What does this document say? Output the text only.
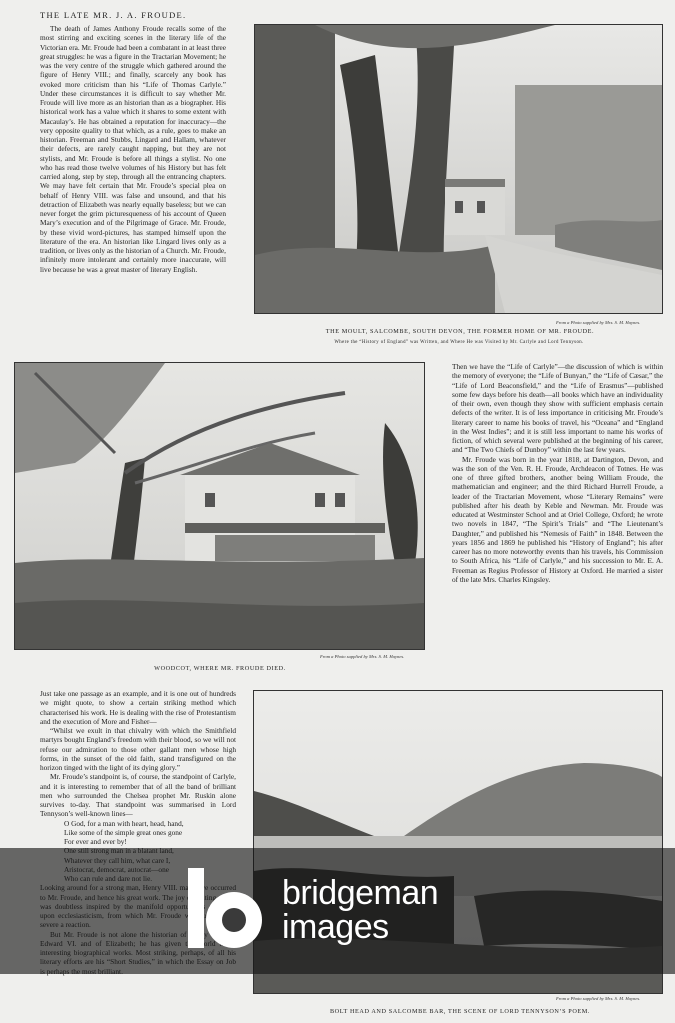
THE LATE MR. J. A. FROUDE.

The death of James Anthony Froude recalls some of the most stirring and exciting scenes in the literary life of the Victorian era. Mr. Froude had been a combatant in at least three great struggles: he was a figure in the Tractarian Movement; he was the very centre of the struggle which gathered around the figure of Henry VIII.; and finally, scarcely any book has evoked more criticism than his “Life of Thomas Carlyle.” Under these circumstances it is difficult to say whether Mr. Froude will live more as an historian than as a biographer. His historical work has a value which it shares to some extent with Macaulay’s. He has obtained a reputation for inaccuracy—the very opposite quality to that which, as a rule, goes to make an historian. Freeman and Stubbs, Lingard and Hallam, whatever their defects, are rarely caught napping, but they are not stylists, and Mr. Froude is before all things a stylist. No one who has read those twelve volumes of his History but has felt carried along, step by step, through all the entrancing chapters. We may have felt certain that Mr. Froude’s special plea on behalf of Henry VIII. was false and unsound, and that his detraction of Elizabeth was nearly equally baseless; but we can never forget the grim picturesqueness of his account of Queen Mary’s execution and of the Pilgrimage of Grace. Mr. Froude, by these vivid word-pictures, has stamped himself upon the literature of the era. An historian like Lingard lives only as a tradition, or lives only as the historian of a Church. Mr. Froude, infinitely more intolerant and certainly more inaccurate, will live because he was a great master of literary English.

From a Photo supplied by Mrs. S. M. Haynes.
THE MOULT, SALCOMBE, SOUTH DEVON, THE FORMER HOME OF MR. FROUDE.
Where the “History of England” was Written, and Where He was Visited by Mr. Carlyle and Lord Tennyson.
From a Photo supplied by Mrs. S. M. Haynes.
WOODCOT, WHERE MR. FROUDE DIED.

Then we have the “Life of Carlyle”—the discussion of which is within the memory of everyone; the “Life of Bunyan,” the “Life of Cæsar,” the “Life of Lord Beaconsfield,” and the “Life of Erasmus”—published some few days before his death—all books which have an individuality of their own, even though they show with sufficient emphasis certain defects of the writer. It is of less importance in criticising Mr. Froude’s literary career to name his books of travel, his “Oceana” and “England in the West Indies”; and it is still less important to name his works of fiction, of which several were published at the beginning of his career, and “The Two Chiefs of Dunboy” within the last few years.

Mr. Froude was born in the year 1818, at Dartington, Devon, and was the son of the Ven. R. H. Froude, Archdeacon of Totnes. He was one of three gifted brothers, another being William Froude, the mathematician and engineer; and the third Richard Hurrell Froude, a leader of the Tractarian Movement, whose “Literary Remains” were published after his death by Keble and Newman. Mr. Froude was educated at Westminster School and at Oriel College, Oxford; he wrote two novels in 1847, “The Spirit’s Trials” and “The Lieutenant’s Daughter,” and published his “Nemesis of Faith” in 1848. Between the years 1856 and 1869 he published his “History of England”; his after career has no more noteworthy events than his travels, his Commission to South Africa, his “Life of Carlyle,” and his succession to Mr. E. A. Freeman as Regius Professor of History at Oxford. He married a sister of the late Mrs. Charles Kingsley.

Just take one passage as an example, and it is one out of hundreds we might quote, to show a certain striking method which characterised his work. He is dealing with the rise of Protestantism and the execution of More and Fisher—

“Whilst we exult in that chivalry with which the Smithfield martyrs bought England’s freedom with their blood, so we will not refuse our admiration to those other gallant men whose high forms, in the sunset of the old faith, stand transfigured on the horizon tinged with the light of its dying glory.”

Mr. Froude’s standpoint is, of course, the standpoint of Carlyle, and it is interesting to remember that of all the band of brilliant men who surrounded the Chelsea prophet Mr. Ruskin alone survives to-day. That standpoint was summarised in Lord Tennyson’s well-known lines—

O God, for a man with heart, head, hand,
Like some of the simple great ones gone
For ever and ever by!

From a Photo supplied by Mrs. S. M. Haynes.
BOLT HEAD AND SALCOMBE BAR, THE SCENE OF LORD TENNYSON’S POEM.
bridgeman
images
